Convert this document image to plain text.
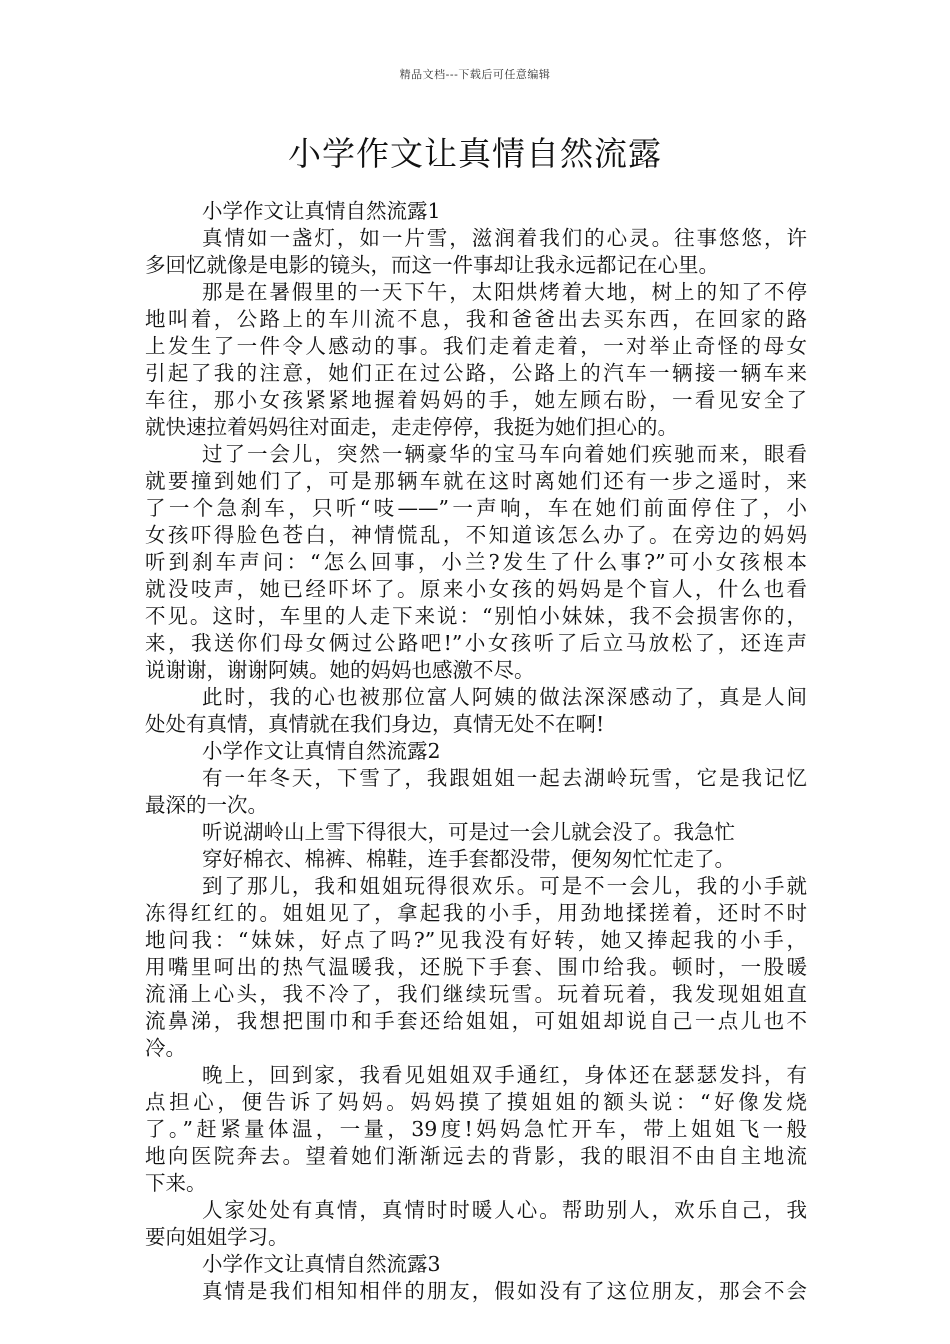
精品文档---下载后可任意编辑
小学作文让真情自然流露
小学作文让真情自然流露1
真情如一盏灯，如一片雪，滋润着我们的心灵。往事悠悠，许
多回忆就像是电影的镜头，而这一件事却让我永远都记在心里。
那是在暑假里的一天下午，太阳烘烤着大地，树上的知了不停
地叫着，公路上的车川流不息，我和爸爸出去买东西，在回家的路
上发生了一件令人感动的事。我们走着走着，一对举止奇怪的母女
引起了我的注意，她们正在过公路，公路上的汽车一辆接一辆车来
车往，那小女孩紧紧地握着妈妈的手，她左顾右盼，一看见安全了
就快速拉着妈妈往对面走，走走停停，我挺为她们担心的。
过了一会儿，突然一辆豪华的宝马车向着她们疾驰而来，眼看
就要撞到她们了，可是那辆车就在这时离她们还有一步之遥时，来
了一个急刹车，只听“吱——”一声响，车在她们前面停住了，小
女孩吓得脸色苍白，神情慌乱，不知道该怎么办了。在旁边的妈妈
听到刹车声问：“怎么回事，小兰?发生了什么事?”可小女孩根本
就没吱声，她已经吓坏了。原来小女孩的妈妈是个盲人，什么也看
不见。这时，车里的人走下来说：“别怕小妹妹，我不会损害你的，
来，我送你们母女俩过公路吧!”小女孩听了后立马放松了，还连声
说谢谢，谢谢阿姨。她的妈妈也感激不尽。
此时，我的心也被那位富人阿姨的做法深深感动了，真是人间
处处有真情，真情就在我们身边，真情无处不在啊!
小学作文让真情自然流露2
有一年冬天，下雪了，我跟姐姐一起去湖岭玩雪，它是我记忆
最深的一次。
听说湖岭山上雪下得很大，可是过一会儿就会没了。我急忙
穿好棉衣、棉裤、棉鞋，连手套都没带，便匆匆忙忙走了。
到了那儿，我和姐姐玩得很欢乐。可是不一会儿，我的小手就
冻得红红的。姐姐见了，拿起我的小手，用劲地揉搓着，还时不时
地问我：“妹妹，好点了吗?”见我没有好转，她又捧起我的小手，
用嘴里呵出的热气温暖我，还脱下手套、围巾给我。顿时，一股暖
流涌上心头，我不冷了，我们继续玩雪。玩着玩着，我发现姐姐直
流鼻涕，我想把围巾和手套还给姐姐，可姐姐却说自己一点儿也不
冷。
晚上，回到家，我看见姐姐双手通红，身体还在瑟瑟发抖，有
点担心，便告诉了妈妈。妈妈摸了摸姐姐的额头说：“好像发烧
了。”赶紧量体温，一量，39度!妈妈急忙开车，带上姐姐飞一般
地向医院奔去。望着她们渐渐远去的背影，我的眼泪不由自主地流
下来。
人家处处有真情，真情时时暖人心。帮助别人，欢乐自己，我
要向姐姐学习。
小学作文让真情自然流露3
真情是我们相知相伴的朋友，假如没有了这位朋友，那会不会
